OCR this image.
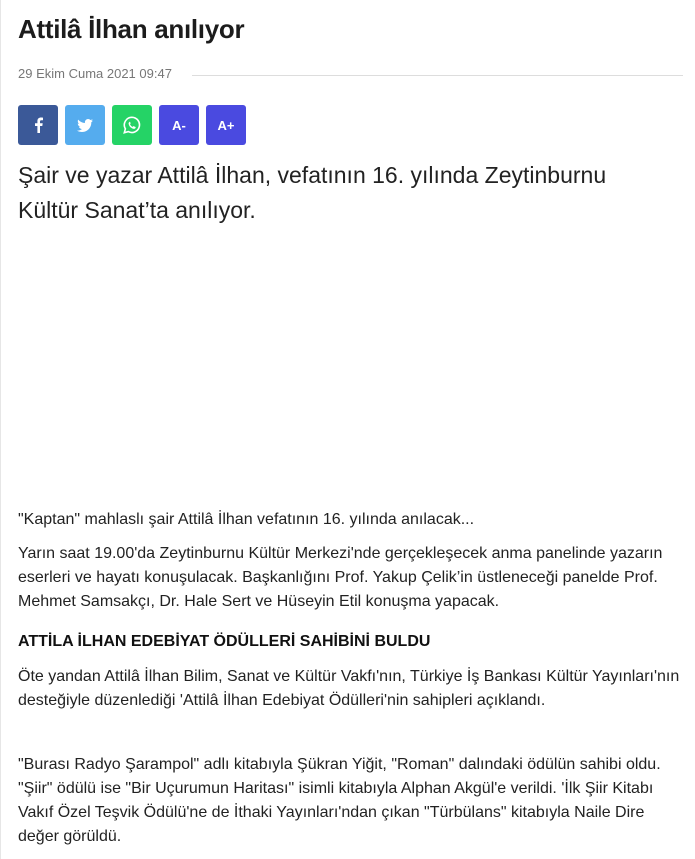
Attilâ İlhan anılıyor
29 Ekim Cuma 2021 09:47
A-	A+

Şair ve yazar Attilâ İlhan, vefatının 16. yılında Zeytinburnu Kültür Sanat’ta anılıyor.

"Kaptan" mahlaslı şair Attilâ İlhan vefatının 16. yılında anılacak...

Yarın saat 19.00'da Zeytinburnu Kültür Merkezi'nde gerçekleşecek anma panelinde yazarın eserleri ve hayatı konuşulacak. Başkanlığını Prof. Yakup Çelik’in üstleneceği panelde Prof. Mehmet Samsakçı, Dr. Hale Sert ve Hüseyin Etil konuşma yapacak.

ATTİLA İLHAN EDEBİYAT ÖDÜLLERİ SAHİBİNİ BULDU

Öte yandan Attilâ İlhan Bilim, Sanat ve Kültür Vakfı'nın, Türkiye İş Bankası Kültür Yayınları'nın desteğiyle düzenlediği 'Attilâ İlhan Edebiyat Ödülleri'nin sahipleri açıklandı.

"Burası Radyo Şarampol" adlı kitabıyla Şükran Yiğit, "Roman" dalındaki ödülün sahibi oldu. "Şiir" ödülü ise "Bir Uçurumun Haritası" isimli kitabıyla Alphan Akgül'e verildi. 'İlk Şiir Kitabı Vakıf Özel Teşvik Ödülü'ne de İthaki Yayınları'ndan çıkan "Türbülans" kitabıyla Naile Dire değer görüldü.
